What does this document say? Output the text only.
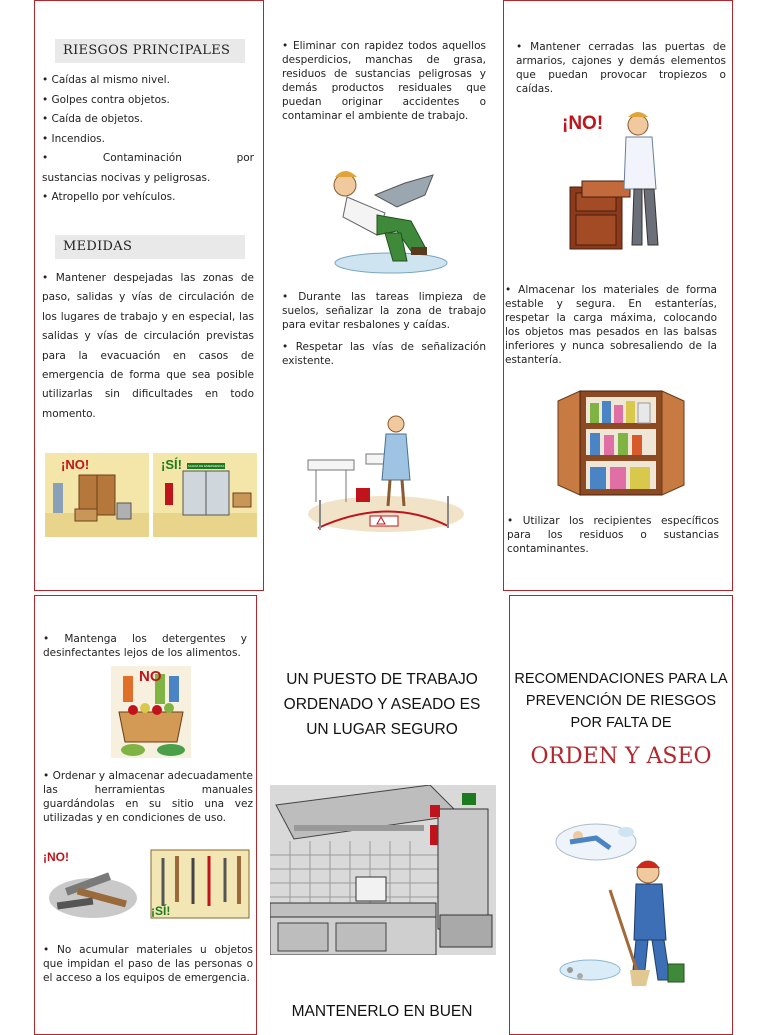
RIESGOS PRINCIPALES
• Caídas al mismo nivel.
• Golpes contra objetos.
• Caída de objetos.
• Incendios.
•      Contaminación      por      sustancias nocivas y peligrosas.
• Atropello por vehículos.
MEDIDAS

• Mantener despejadas las zonas de paso, salidas y vías de circulación de los lugares de trabajo y en especial, las salidas y vías de circulación previstas para la evacuación en casos de emergencia de forma que sea posible utilizarlas sin dificultades en todo momento.

¡NO!	¡SÍ! SALIDA DE EMERGENCIA

• Eliminar con rapidez todos aquellos desperdicios, manchas de grasa, residuos de sustancias peligrosas y demás productos residuales que puedan originar accidentes o contaminar el ambiente de trabajo.

• Durante las tareas limpieza de suelos, señalizar la zona de trabajo para evitar resbalones y caídas.

• Respetar las vías de señalización existente.

• Mantener cerradas las puertas de armarios, cajones y demás elementos que puedan provocar tropiezos o caídas.

¡NO!

• Almacenar los materiales de forma estable y segura. En estanterías, respetar la carga máxima, colocando los objetos mas pesados en las balsas inferiores y nunca sobresaliendo de la estantería.

• Utilizar los recipientes específicos para los residuos o sustancias contaminantes.

• Mantenga los detergentes y desinfectantes lejos de los alimentos.

NO

• Ordenar y almacenar adecuadamente las herramientas manuales guardándolas en su sitio una vez utilizadas y en condiciones de uso.

¡NO!
¡SÍ!

• No acumular materiales u objetos que impidan el paso de las personas o el acceso a los equipos de emergencia.

UN PUESTO DE TRABAJO ORDENADO Y ASEADO ES UN LUGAR SEGURO
MANTENERLO EN BUEN
RECOMENDACIONES PARA LA PREVENCIÓN DE RIESGOS POR FALTA DE
ORDEN Y ASEO
